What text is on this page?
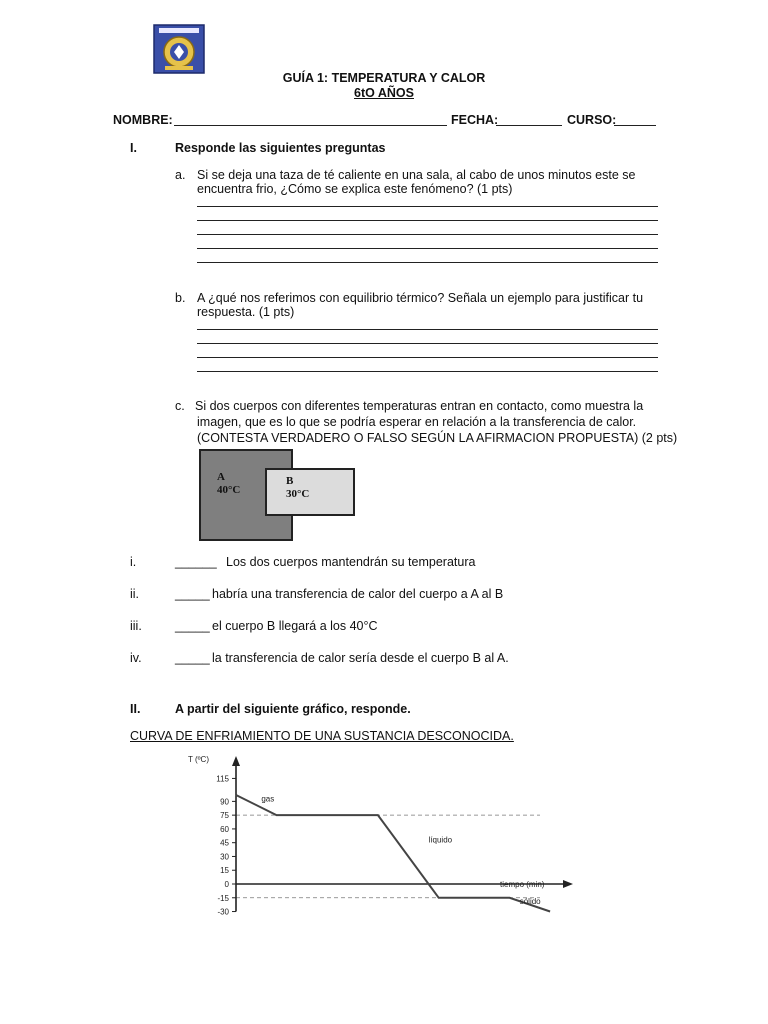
GUÍA 1: TEMPERATURA Y CALOR
6tO AÑOS
NOMBRE:	FECHA:	CURSO:
I.	Responde las siguientes preguntas
a. Si se deja una taza de té caliente en una sala, al cabo de unos minutos este se
encuentra frio, ¿Cómo se explica este fenómeno? (1 pts)
b. A ¿qué nos referimos con equilibrio térmico? Señala un ejemplo para justificar tu
respuesta. (1 pts)
c. Si dos cuerpos con diferentes temperaturas entran en contacto, como muestra la
imagen, que es lo que se podría esperar en relación a la transferencia de calor.
(CONTESTA VERDADERO O FALSO SEGÚN LA AFIRMACION PROPUESTA) (2 pts)
A
40°C
B
30°C
i.	______ Los dos cuerpos mantendrán su temperatura
ii.	_____ habría una transferencia de calor del cuerpo a A al B
iii.	_____ el cuerpo B llegará a los 40°C
iv.	_____ la transferencia de calor sería desde el cuerpo B al A.
II.	A partir del siguiente gráfico, responde.
CURVA DE ENFRIAMIENTO DE UNA SUSTANCIA DESCONOCIDA.
115
90
75
60
45
30
15
0
-15
-30
T (ºC)
tiempo (min)
gas
líquido
sólido
